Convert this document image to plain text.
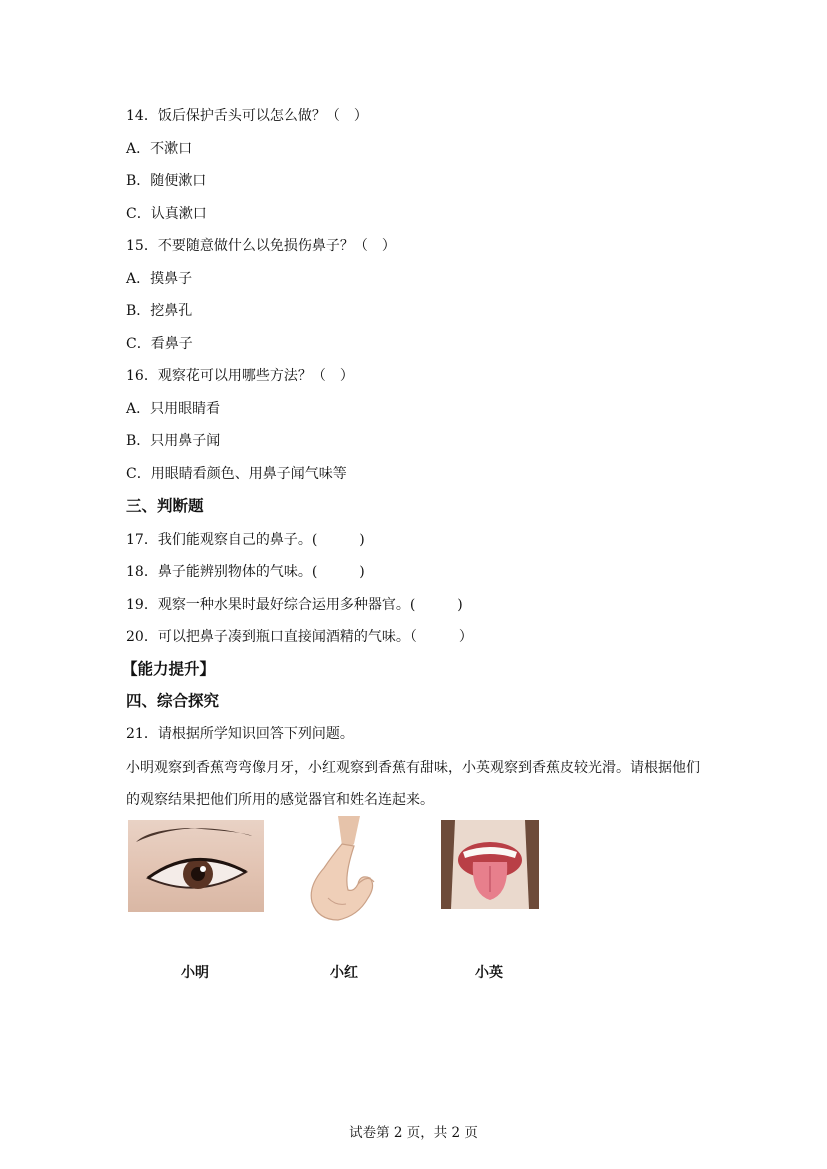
14．饭后保护舌头可以怎么做？（　）
A．不漱口
B．随便漱口
C．认真漱口
15．不要随意做什么以免损伤鼻子？（　）
A．摸鼻子
B．挖鼻孔
C．看鼻子
16．观察花可以用哪些方法？（　）
A．只用眼睛看
B．只用鼻子闻
C．用眼睛看颜色、用鼻子闻气味等
三、判断题
17．我们能观察自己的鼻子。(　　　)
18．鼻子能辨别物体的气味。(　　　)
19．观察一种水果时最好综合运用多种器官。(　　　)
20．可以把鼻子凑到瓶口直接闻酒精的气味。（　　　）
【能力提升】
四、综合探究
21．请根据所学知识回答下列问题。
小明观察到香蕉弯弯像月牙，小红观察到香蕉有甜味，小英观察到香蕉皮较光滑。请根据他们的观察结果把他们所用的感觉器官和姓名连起来。
小明	小红	小英
试卷第 2 页，共 2 页
